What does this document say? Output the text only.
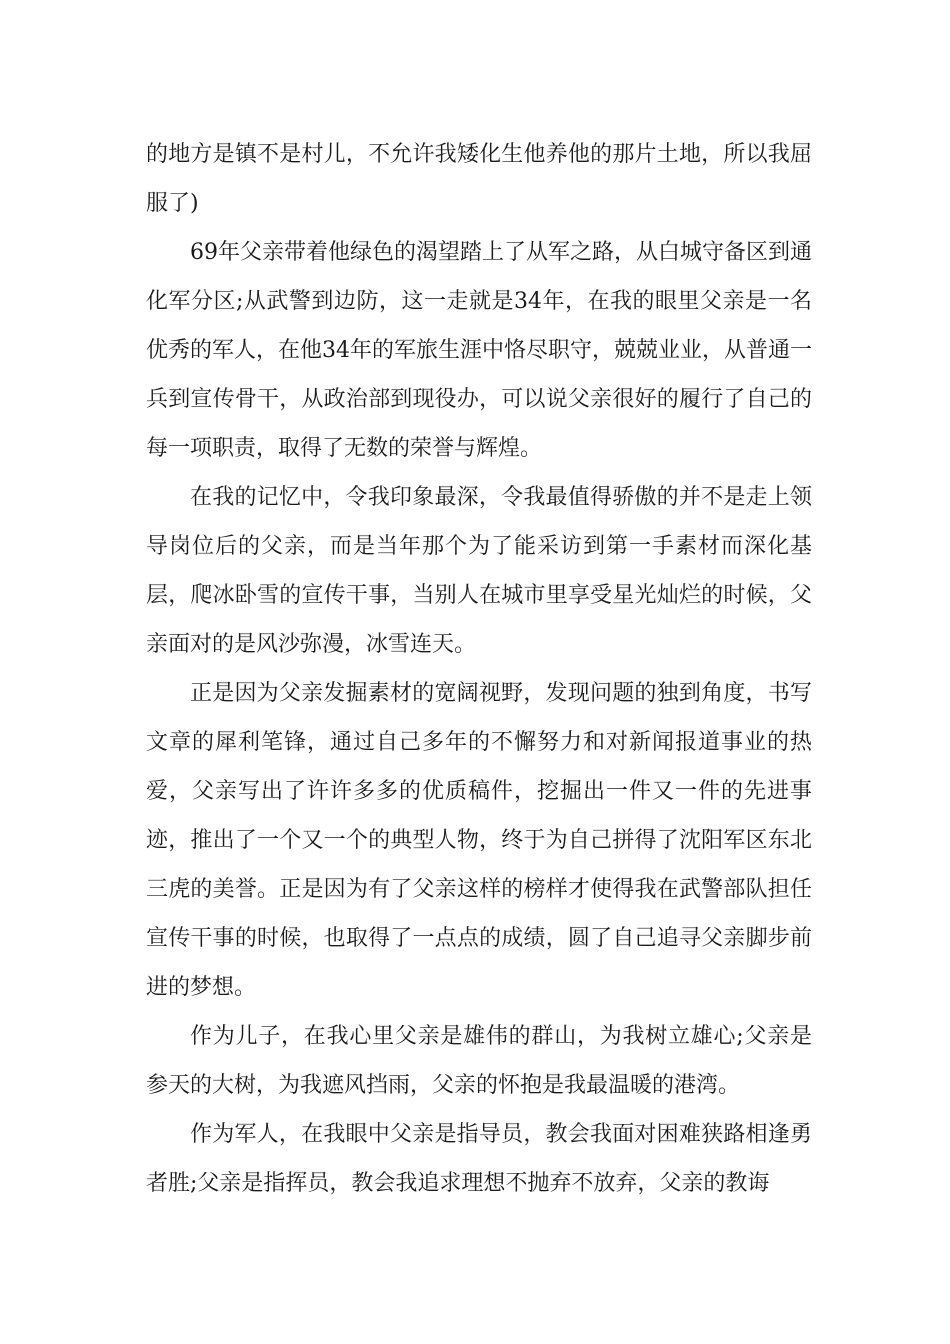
的地方是镇不是村儿，不允许我矮化生他养他的那片土地，所以我屈服了)

69年父亲带着他绿色的渴望踏上了从军之路，从白城守备区到通化军分区;从武警到边防，这一走就是34年，在我的眼里父亲是一名优秀的军人，在他34年的军旅生涯中恪尽职守，兢兢业业，从普通一兵到宣传骨干，从政治部到现役办，可以说父亲很好的履行了自己的每一项职责，取得了无数的荣誉与辉煌。

在我的记忆中，令我印象最深，令我最值得骄傲的并不是走上领导岗位后的父亲，而是当年那个为了能采访到第一手素材而深化基层，爬冰卧雪的宣传干事，当别人在城市里享受星光灿烂的时候，父亲面对的是风沙弥漫，冰雪连天。

正是因为父亲发掘素材的宽阔视野，发现问题的独到角度，书写文章的犀利笔锋，通过自己多年的不懈努力和对新闻报道事业的热爱，父亲写出了许许多多的优质稿件，挖掘出一件又一件的先进事迹，推出了一个又一个的典型人物，终于为自己拼得了沈阳军区东北三虎的美誉。正是因为有了父亲这样的榜样才使得我在武警部队担任宣传干事的时候，也取得了一点点的成绩，圆了自己追寻父亲脚步前进的梦想。

作为儿子，在我心里父亲是雄伟的群山，为我树立雄心;父亲是参天的大树，为我遮风挡雨，父亲的怀抱是我最温暖的港湾。

作为军人，在我眼中父亲是指导员，教会我面对困难狭路相逢勇者胜;父亲是指挥员，教会我追求理想不抛弃不放弃，父亲的教诲
